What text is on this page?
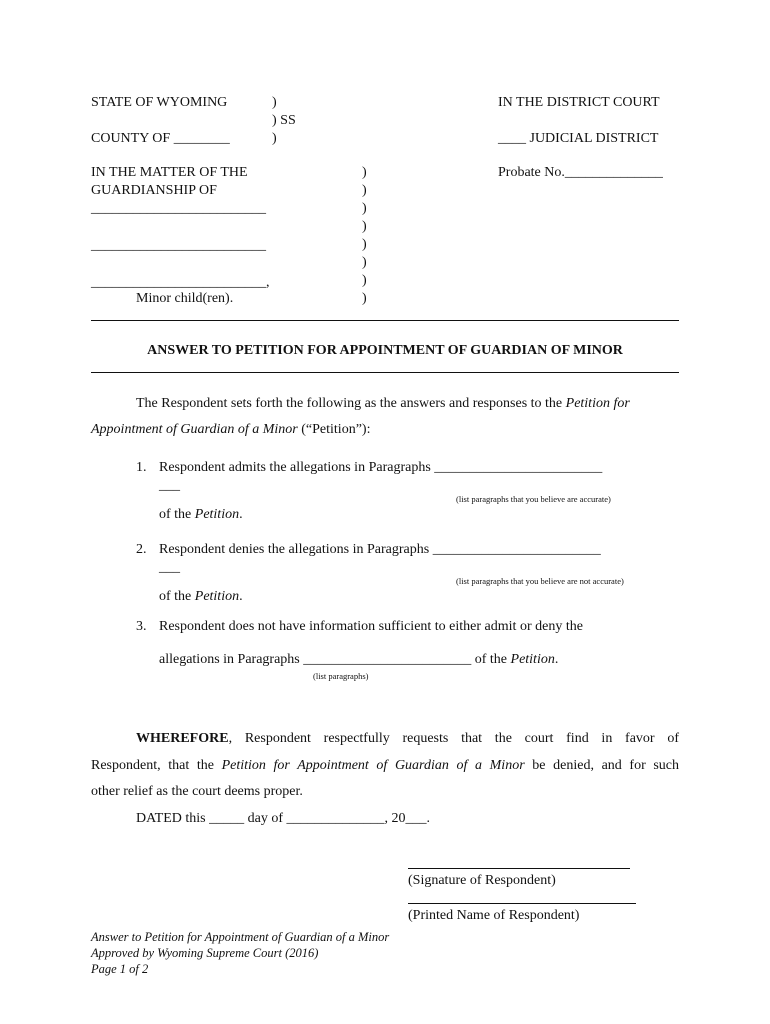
STATE OF WYOMING	)
) SS
)
COUNTY OF ________
IN THE DISTRICT COURT
____ JUDICIAL DISTRICT
IN THE MATTER OF THE
GUARDIANSHIP OF
_________________________
_________________________
_________________________,
Minor child(ren).
Probate No.______________
)
)
)
)
)
)
)
)
ANSWER TO PETITION FOR APPOINTMENT OF GUARDIAN OF MINOR
The Respondent sets forth the following as the answers and responses to the Petition for
Appointment of Guardian of a Minor (“Petition”):
1. Respondent admits the allegations in Paragraphs ________________________
___
(list paragraphs that you believe are accurate)
of the Petition.
2. Respondent denies the allegations in Paragraphs ________________________
___
(list paragraphs that you believe are not accurate)
of the Petition.
3. Respondent does not have information sufficient to either admit or deny the
allegations in Paragraphs ________________________ of the Petition.
(list paragraphs)
WHEREFORE, Respondent respectfully requests that the court find in favor of
Respondent, that the Petition for Appointment of Guardian of a Minor be denied, and for such
other relief as the court deems proper.
DATED this _____ day of ______________, 20___.
(Signature of Respondent)
(Printed Name of Respondent)
Answer to Petition for Appointment of Guardian of a Minor
Approved by Wyoming Supreme Court (2016)
Page 1 of 2
